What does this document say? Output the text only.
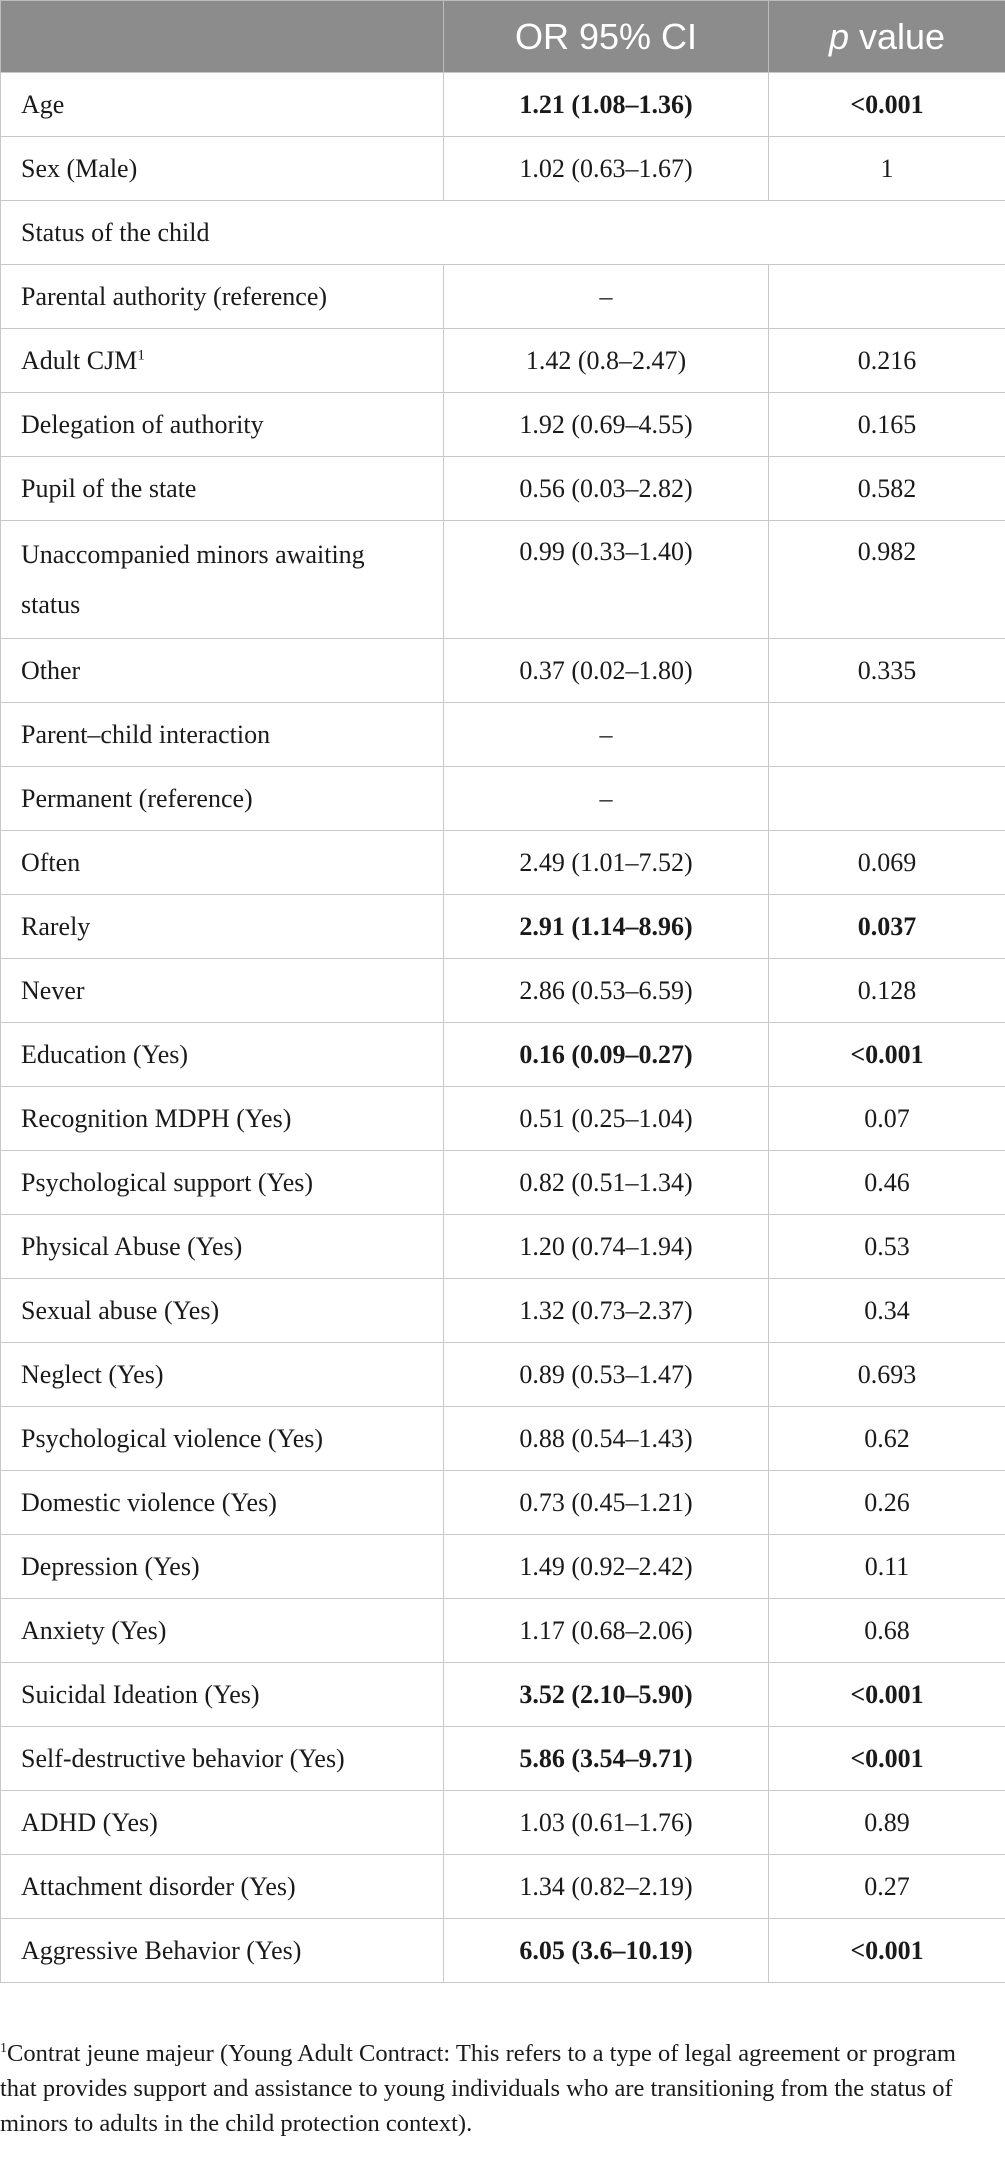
	OR 95% CI	p value
Age	1.21 (1.08–1.36)	<0.001
Sex (Male)	1.02 (0.63–1.67)	1
Status of the child		
Parental authority (reference)	–	
Adult CJM$^1$	1.42 (0.8–2.47)	0.216
Delegation of authority	1.92 (0.69–4.55)	0.165
Pupil of the state	0.56 (0.03–2.82)	0.582
Unaccompanied minors awaiting status	0.99 (0.33–1.40)	0.982
Other	0.37 (0.02–1.80)	0.335
Parent–child interaction	–	
Permanent (reference)	–	
Often	2.49 (1.01–7.52)	0.069
Rarely	2.91 (1.14–8.96)	0.037
Never	2.86 (0.53–6.59)	0.128
Education (Yes)	0.16 (0.09–0.27)	<0.001
Recognition MDPH (Yes)	0.51 (0.25–1.04)	0.07
Psychological support (Yes)	0.82 (0.51–1.34)	0.46
Physical Abuse (Yes)	1.20 (0.74–1.94)	0.53
Sexual abuse (Yes)	1.32 (0.73–2.37)	0.34
Neglect (Yes)	0.89 (0.53–1.47)	0.693
Psychological violence (Yes)	0.88 (0.54–1.43)	0.62
Domestic violence (Yes)	0.73 (0.45–1.21)	0.26
Depression (Yes)	1.49 (0.92–2.42)	0.11
Anxiety (Yes)	1.17 (0.68–2.06)	0.68
Suicidal Ideation (Yes)	3.52 (2.10–5.90)	<0.001
Self-destructive behavior (Yes)	5.86 (3.54–9.71)	<0.001
ADHD (Yes)	1.03 (0.61–1.76)	0.89
Attachment disorder (Yes)	1.34 (0.82–2.19)	0.27
Aggressive Behavior (Yes)	6.05 (3.6–10.19)	<0.001

$^1$Contrat jeune majeur (Young Adult Contract: This refers to a type of legal agreement or program that provides support and assistance to young individuals who are transitioning from the status of minors to adults in the child protection context).
